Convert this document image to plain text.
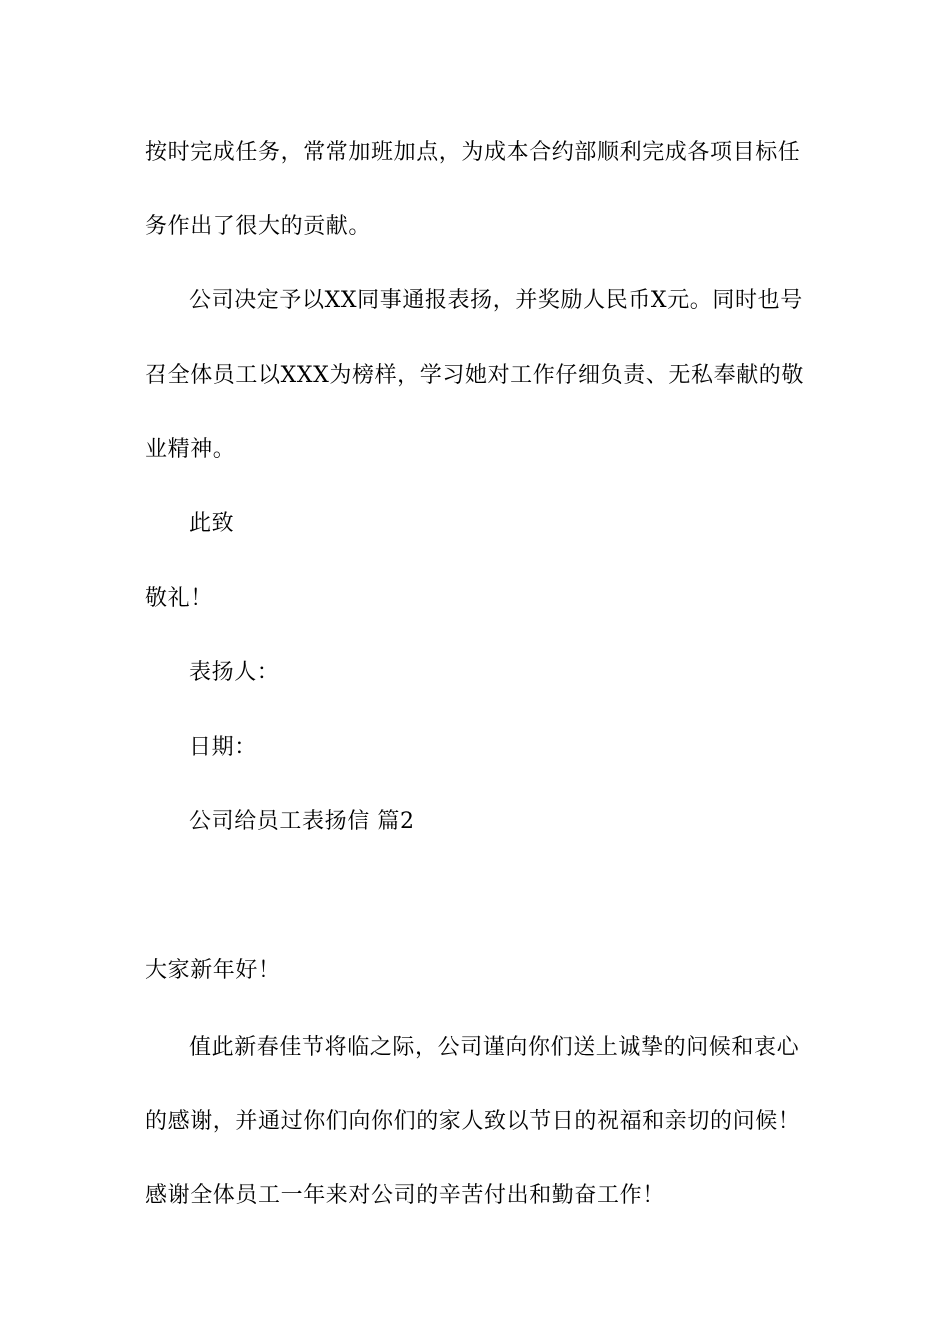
按时完成任务，常常加班加点，为成本合约部顺利完成各项目标任
务作出了很大的贡献。
公司决定予以XX同事通报表扬，并奖励人民币X元。同时也号
召全体员工以XXX为榜样，学习她对工作仔细负责、无私奉献的敬
业精神。
此致
敬礼！
表扬人：
日期：
公司给员工表扬信 篇2
大家新年好！
值此新春佳节将临之际，公司谨向你们送上诚挚的问候和衷心
的感谢，并通过你们向你们的家人致以节日的祝福和亲切的问候！
感谢全体员工一年来对公司的辛苦付出和勤奋工作！
